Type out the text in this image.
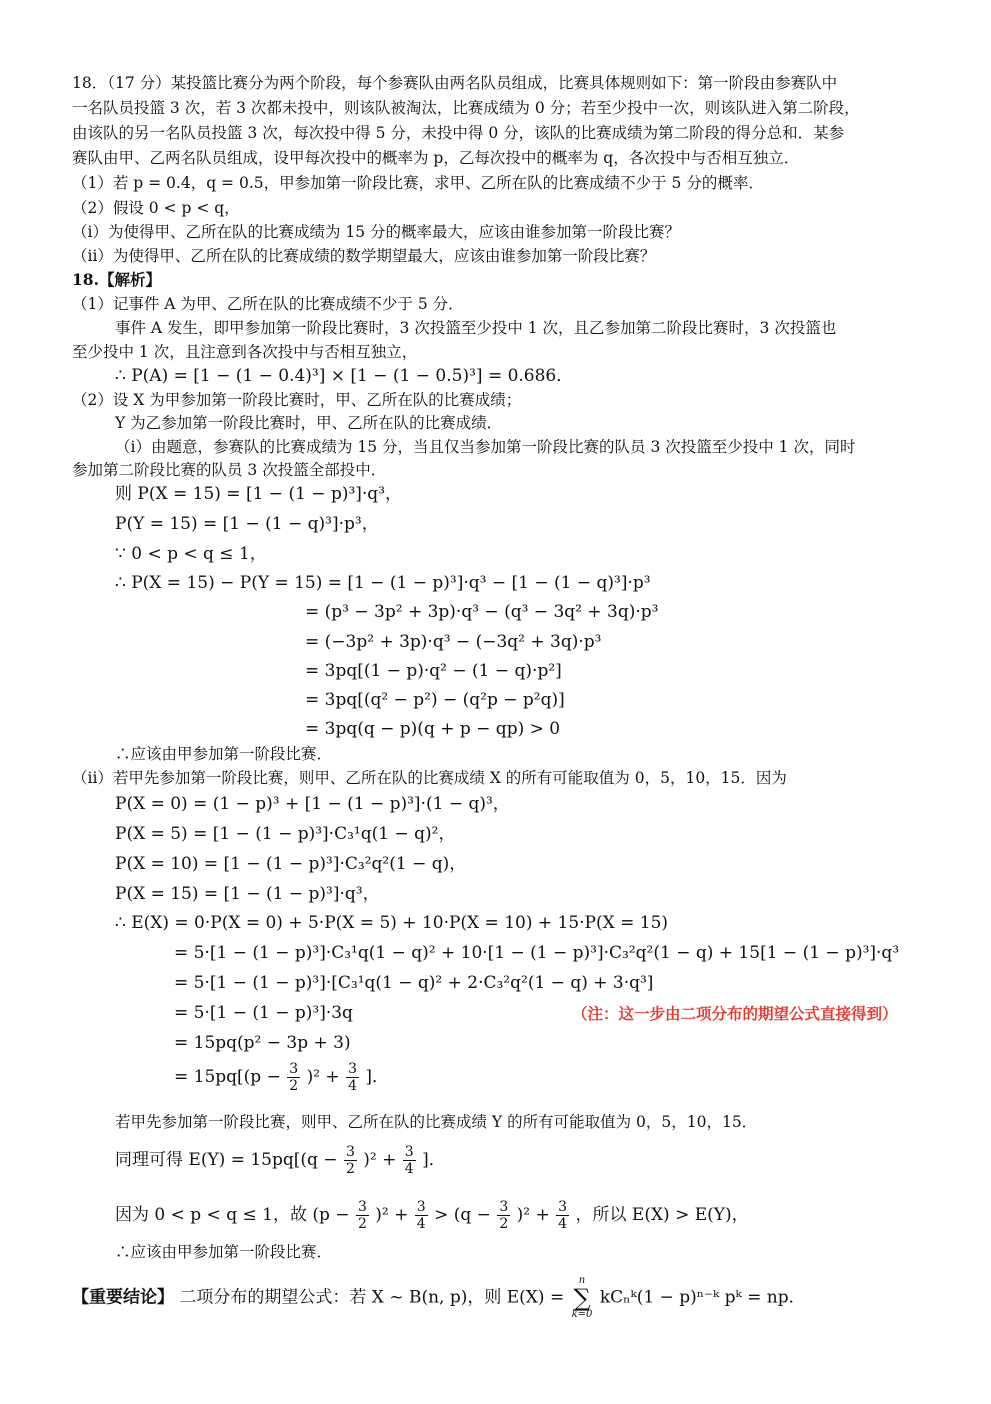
18．（17 分）某投篮比赛分为两个阶段，每个参赛队由两名队员组成，比赛具体规则如下：第一阶段由参赛队中
一名队员投篮 3 次，若 3 次都未投中，则该队被淘汰，比赛成绩为 0 分；若至少投中一次，则该队进入第二阶段，
由该队的另一名队员投篮 3 次，每次投中得 5 分，未投中得 0 分，该队的比赛成绩为第二阶段的得分总和．某参
赛队由甲、乙两名队员组成，设甲每次投中的概率为 p，乙每次投中的概率为 q，各次投中与否相互独立．
（1）若 p = 0.4，q = 0.5，甲参加第一阶段比赛，求甲、乙所在队的比赛成绩不少于 5 分的概率．
（2）假设 0 < p < q，
（i）为使得甲、乙所在队的比赛成绩为 15 分的概率最大，应该由谁参加第一阶段比赛？
（ii）为使得甲、乙所在队的比赛成绩的数学期望最大，应该由谁参加第一阶段比赛？
18.【解析】
（1）记事件 A 为甲、乙所在队的比赛成绩不少于 5 分．
事件 A 发生，即甲参加第一阶段比赛时，3 次投篮至少投中 1 次，且乙参加第二阶段比赛时，3 次投篮也
至少投中 1 次，且注意到各次投中与否相互独立，
∴ P(A) = [1 − (1 − 0.4)³] × [1 − (1 − 0.5)³] = 0.686．
（2）设 X 为甲参加第一阶段比赛时，甲、乙所在队的比赛成绩；
Y 为乙参加第一阶段比赛时，甲、乙所在队的比赛成绩．
（i）由题意，参赛队的比赛成绩为 15 分，当且仅当参加第一阶段比赛的队员 3 次投篮至少投中 1 次，同时
参加第二阶段比赛的队员 3 次投篮全部投中．
则 P(X = 15) = [1 − (1 − p)³]·q³，
P(Y = 15) = [1 − (1 − q)³]·p³，
∵ 0 < p < q ≤ 1，
∴ P(X = 15) − P(Y = 15) = [1 − (1 − p)³]·q³ − [1 − (1 − q)³]·p³
= (p³ − 3p² + 3p)·q³ − (q³ − 3q² + 3q)·p³
= (−3p² + 3p)·q³ − (−3q² + 3q)·p³
= 3pq[(1 − p)·q² − (1 − q)·p²]
= 3pq[(q² − p²) − (q²p − p²q)]
= 3pq(q − p)(q + p − qp) > 0
∴应该由甲参加第一阶段比赛．
（ii）若甲先参加第一阶段比赛，则甲、乙所在队的比赛成绩 X 的所有可能取值为 0，5，10，15．因为
P(X = 0) = (1 − p)³ + [1 − (1 − p)³]·(1 − q)³，
P(X = 5) = [1 − (1 − p)³]·C₃¹q(1 − q)²，
P(X = 10) = [1 − (1 − p)³]·C₃²q²(1 − q)，
P(X = 15) = [1 − (1 − p)³]·q³，
∴ E(X) = 0·P(X = 0) + 5·P(X = 5) + 10·P(X = 10) + 15·P(X = 15)
= 5·[1 − (1 − p)³]·C₃¹q(1 − q)² + 10·[1 − (1 − p)³]·C₃²q²(1 − q) + 15[1 − (1 − p)³]·q³
= 5·[1 − (1 − p)³]·[C₃¹q(1 − q)² + 2·C₃²q²(1 − q) + 3·q³]
= 5·[1 − (1 − p)³]·3q	（注：这一步由二项分布的期望公式直接得到）
= 15pq(p² − 3p + 3)
= $15pq[(p - \frac{3}{2} )^2 + \frac{3}{4}$ ]．
若甲先参加第一阶段比赛，则甲、乙所在队的比赛成绩 Y 的所有可能取值为 0，5，10，15．
同理可得 $E(Y) = 15pq[(q - \frac{3}{2} )^2 + \frac{3}{4}$ ]．
因为 0 < p < q ≤ 1，故 $(p - \frac{3}{2} )^2 + \frac{3}{4} > (q - \frac{3}{2} )^2 + \frac{3}{4}$ ，所以 E(X) > E(Y)，
∴应该由甲参加第一阶段比赛．
【重要结论】 二项分布的期望公式：若 X ~ B(n, p)，则 E(X) =
n
∑
k=0
kCₙᵏ(1 − p)ⁿ⁻ᵏ pᵏ = np．
